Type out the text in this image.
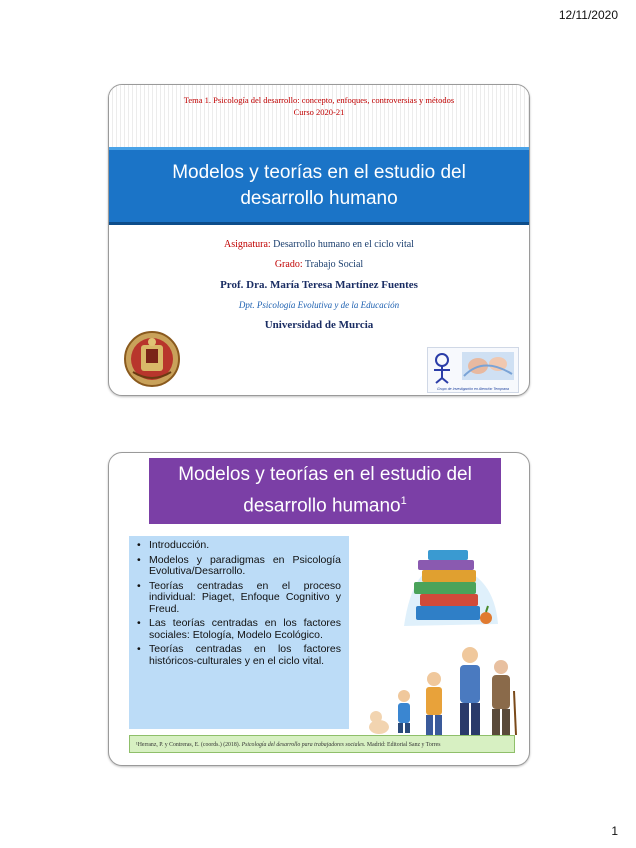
12/11/2020
Tema 1. Psicología del desarrollo: concepto, enfoques, controversias y métodos
Curso 2020-21
Modelos y teorías en el estudio del
desarrollo humano
Asignatura: Desarrollo humano en el ciclo vital
Grado: Trabajo Social
Prof. Dra. María Teresa Martínez Fuentes
Dpt. Psicología Evolutiva y de la Educación
Universidad de Murcia
Grupo de Investigación en Atención Temprana
Modelos y teorías en el estudio del
desarrollo humano$^1$
• Introducción.
• Modelos y paradigmas en Psicología Evolutiva/Desarrollo.
• Teorías centradas en el proceso individual: Piaget, Enfoque Cognitivo y Freud.
• Las teorías centradas en los factores sociales: Etología, Modelo Ecológico.
• Teorías centradas en los factores históricos-culturales y en el ciclo vital.
¹Herranz, P. y Contreras, E. (coords.) (2018). Psicología del desarrollo para trabajadores sociales. Madrid: Editorial Sanz y Torres
1
